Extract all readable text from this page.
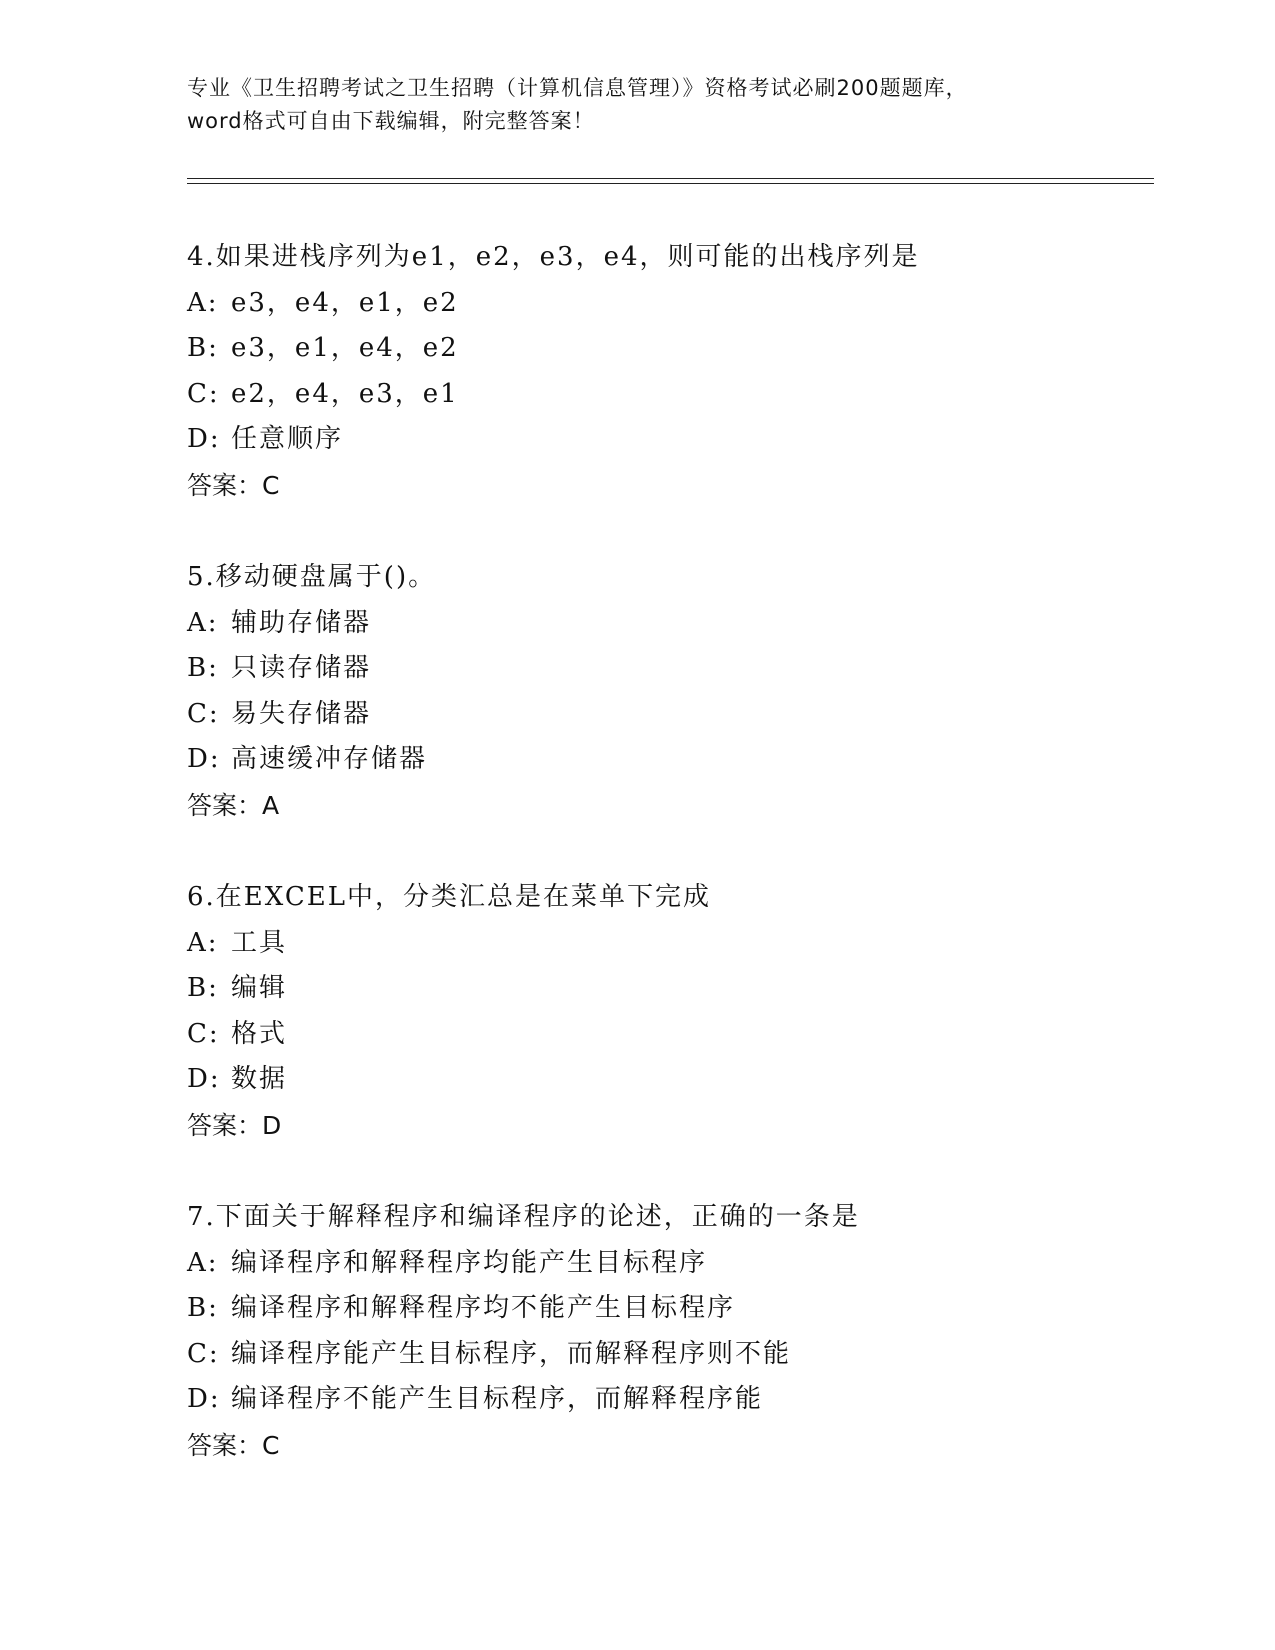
专业《卫生招聘考试之卫生招聘（计算机信息管理）》资格考试必刷200题题库，
word格式可自由下载编辑，附完整答案！
4.如果进栈序列为e1，e2，e3，e4，则可能的出栈序列是
A: e3，e4，e1，e2
B: e3，e1，e4，e2
C: e2，e4，e3，e1
D: 任意顺序
答案：C
5.移动硬盘属于()。
A: 辅助存储器
B: 只读存储器
C: 易失存储器
D: 高速缓冲存储器
答案：A
6.在EXCEL中，分类汇总是在菜单下完成
A: 工具
B: 编辑
C: 格式
D: 数据
答案：D
7.下面关于解释程序和编译程序的论述，正确的一条是
A: 编译程序和解释程序均能产生目标程序
B: 编译程序和解释程序均不能产生目标程序
C: 编译程序能产生目标程序，而解释程序则不能
D: 编译程序不能产生目标程序，而解释程序能
答案：C
